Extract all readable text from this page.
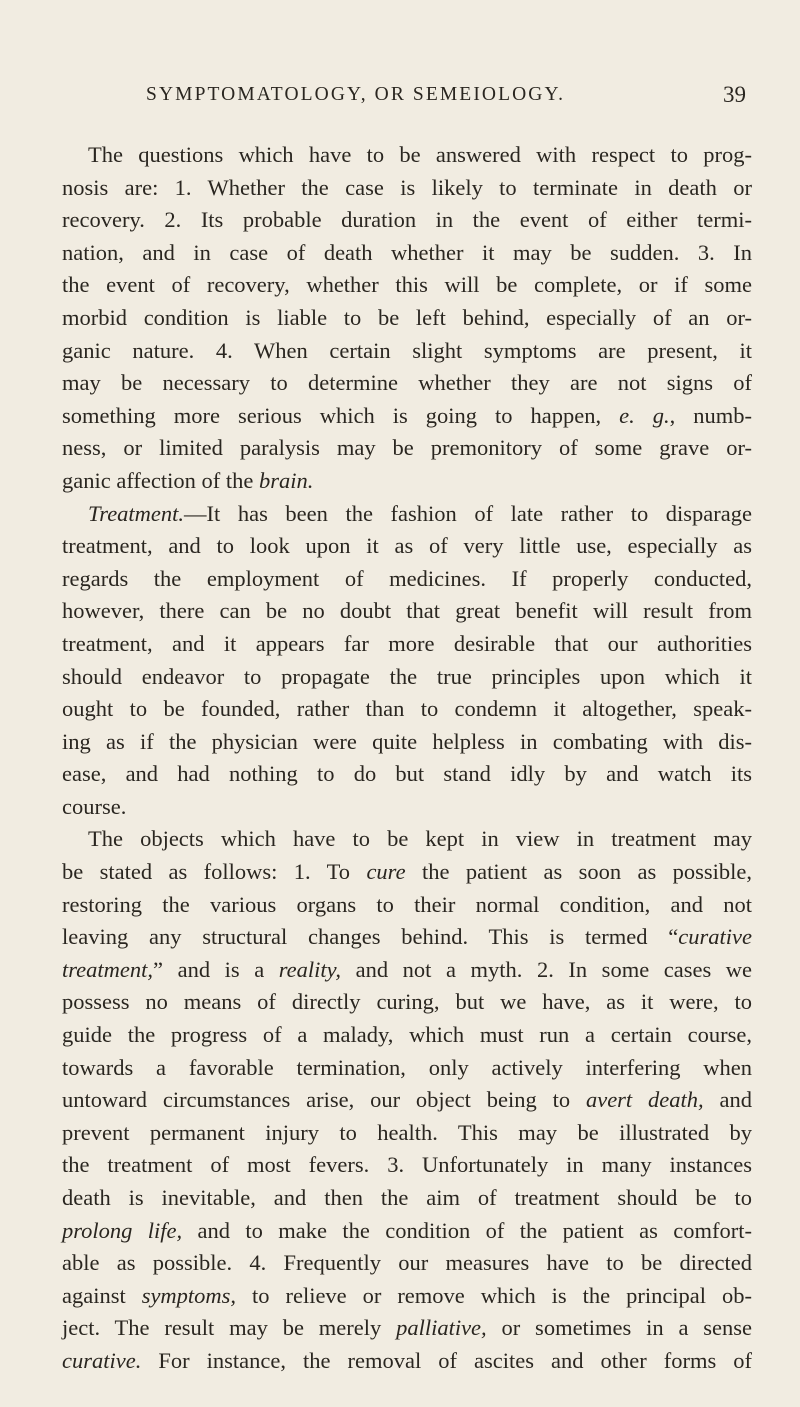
SYMPTOMATOLOGY, OR SEMEIOLOGY.	39
The questions which have to be answered with respect to prog-
nosis are: 1. Whether the case is likely to terminate in death or
recovery. 2. Its probable duration in the event of either termi-
nation, and in case of death whether it may be sudden. 3. In
the event of recovery, whether this will be complete, or if some
morbid condition is liable to be left behind, especially of an or-
ganic nature. 4. When certain slight symptoms are present, it
may be necessary to determine whether they are not signs of
something more serious which is going to happen, e. g., numb-
ness, or limited paralysis may be premonitory of some grave or-
ganic affection of the brain.
Treatment.—It has been the fashion of late rather to disparage
treatment, and to look upon it as of very little use, especially as
regards the employment of medicines. If properly conducted,
however, there can be no doubt that great benefit will result from
treatment, and it appears far more desirable that our authorities
should endeavor to propagate the true principles upon which it
ought to be founded, rather than to condemn it altogether, speak-
ing as if the physician were quite helpless in combating with dis-
ease, and had nothing to do but stand idly by and watch its
course.
The objects which have to be kept in view in treatment may
be stated as follows: 1. To cure the patient as soon as possible,
restoring the various organs to their normal condition, and not
leaving any structural changes behind. This is termed “curative
treatment,” and is a reality, and not a myth. 2. In some cases we
possess no means of directly curing, but we have, as it were, to
guide the progress of a malady, which must run a certain course,
towards a favorable termination, only actively interfering when
untoward circumstances arise, our object being to avert death, and
prevent permanent injury to health. This may be illustrated by
the treatment of most fevers. 3. Unfortunately in many instances
death is inevitable, and then the aim of treatment should be to
prolong life, and to make the condition of the patient as comfort-
able as possible. 4. Frequently our measures have to be directed
against symptoms, to relieve or remove which is the principal ob-
ject. The result may be merely palliative, or sometimes in a sense
curative. For instance, the removal of ascites and other forms of
